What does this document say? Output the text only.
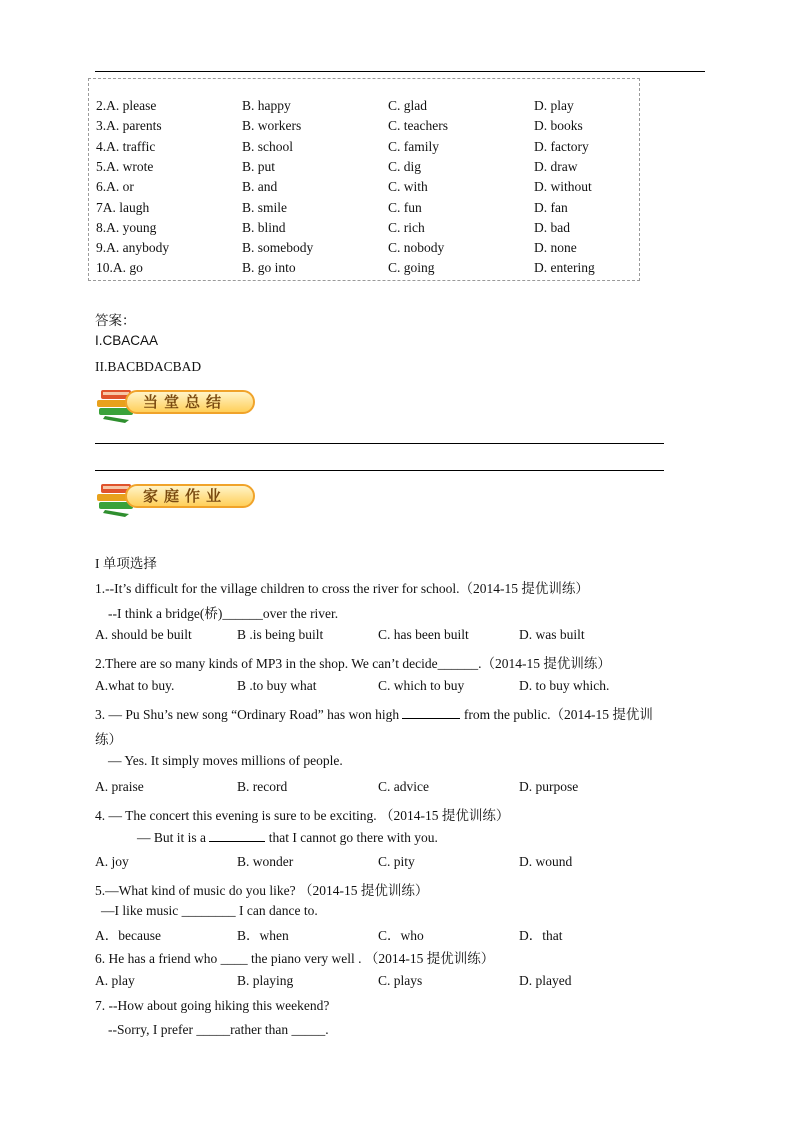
2.A. please	B. happy	C. glad	D. play
3.A. parents	B. workers	C. teachers	D. books
4.A. traffic	B. school	C. family	D. factory
5.A. wrote	B. put	C. dig	D. draw
6.A. or	B. and	C. with	D. without
7A. laugh	B. smile	C. fun	D. fan
8.A. young	B. blind	C. rich	D. bad
9.A. anybody	B. somebody	C. nobody	D. none
10.A. go	B. go into	C. going	D. entering
答案：
I.CBACAA
II.BACBDACBAD
当堂总结
家庭作业
I 单项选择
1.--It’s difficult for the village children to cross the river for school.（2014-15 提优训练）
--I think a bridge(桥)______over the river.
A. should be built	B .is being built	C. has been built	D. was built
2.There are so many kinds of MP3 in the shop. We can’t decide______.（2014-15 提优训练）
A.what to buy.	B .to buy what	C. which to buy	D. to buy which.
3. — Pu Shu’s new song “Ordinary Road” has won high	from the public.（2014-15 提优训
练）
— Yes. It simply moves millions of people.
A. praise	B. record	C. advice	D. purpose
4. — The concert this evening is sure to be exciting. （2014-15 提优训练）
— But it is a	that I cannot go there with you.
A. joy	B. wonder	C. pity	D. wound
5.—What kind of music do you like? （2014-15 提优训练）
—I like music ________ I can dance to.
A．because	B．when	C．who	D．that
6. He has a friend who ____ the piano very well . （2014-15 提优训练）
A. play	B. playing	C. plays	D. played
7. --How about going hiking this weekend?
--Sorry, I prefer _____rather than _____.
